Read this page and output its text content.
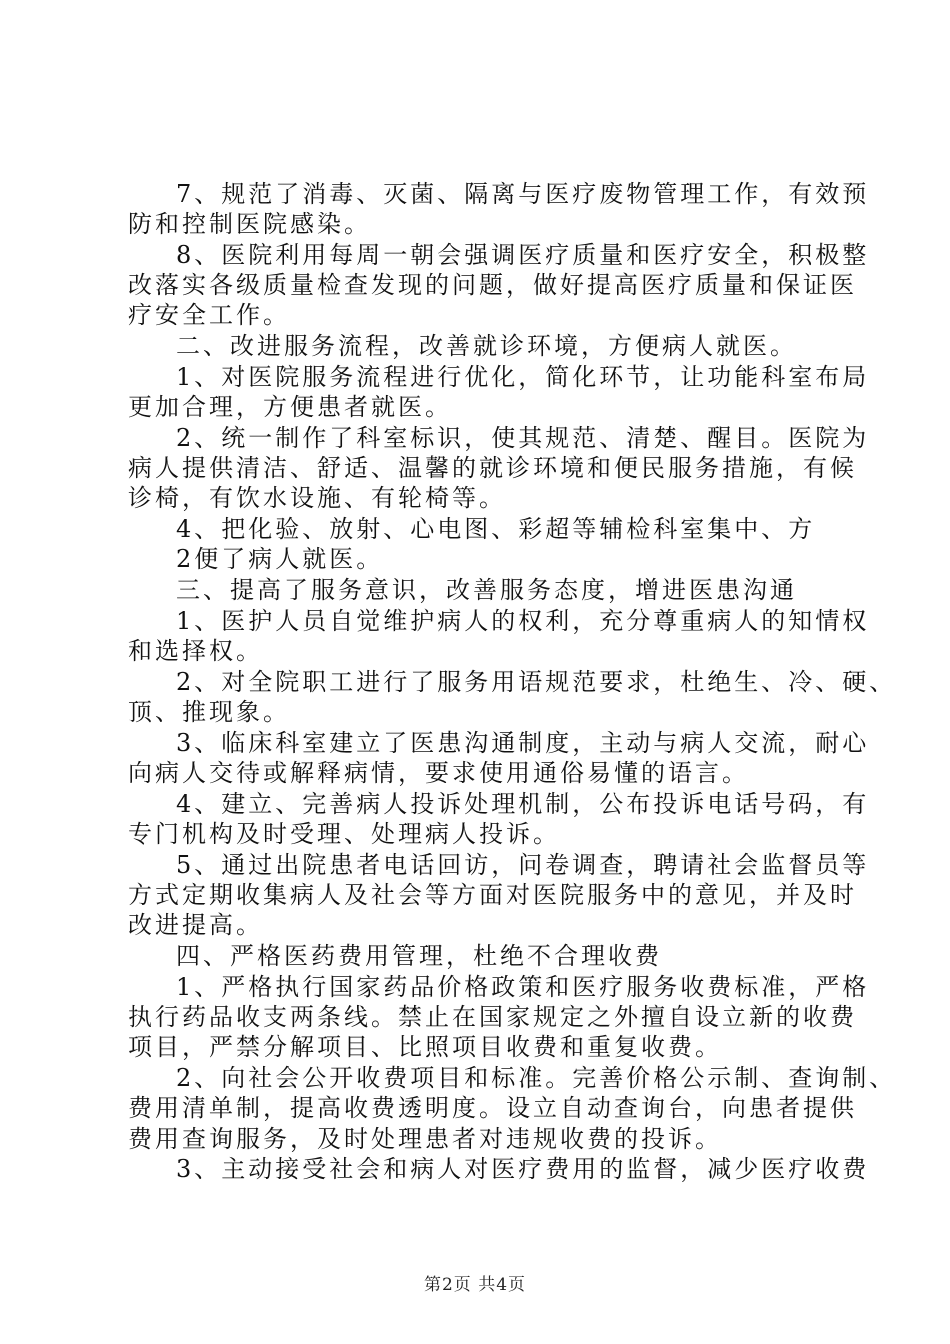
7、规范了消毒、灭菌、隔离与医疗废物管理工作，有效预
防和控制医院感染。
8、医院利用每周一朝会强调医疗质量和医疗安全，积极整
改落实各级质量检查发现的问题，做好提高医疗质量和保证医
疗安全工作。
二、改进服务流程，改善就诊环境，方便病人就医。
1、对医院服务流程进行优化，简化环节，让功能科室布局
更加合理，方便患者就医。
2、统一制作了科室标识，使其规范、清楚、醒目。医院为
病人提供清洁、舒适、温馨的就诊环境和便民服务措施，有候
诊椅，有饮水设施、有轮椅等。
4、把化验、放射、心电图、彩超等辅检科室集中、方
2便了病人就医。
三、提高了服务意识，改善服务态度，增进医患沟通
1、医护人员自觉维护病人的权利，充分尊重病人的知情权
和选择权。
2、对全院职工进行了服务用语规范要求，杜绝生、冷、硬、
顶、推现象。
3、临床科室建立了医患沟通制度，主动与病人交流，耐心
向病人交待或解释病情，要求使用通俗易懂的语言。
4、建立、完善病人投诉处理机制，公布投诉电话号码，有
专门机构及时受理、处理病人投诉。
5、通过出院患者电话回访，问卷调查，聘请社会监督员等
方式定期收集病人及社会等方面对医院服务中的意见，并及时
改进提高。
四、严格医药费用管理，杜绝不合理收费
1、严格执行国家药品价格政策和医疗服务收费标准，严格
执行药品收支两条线。禁止在国家规定之外擅自设立新的收费
项目，严禁分解项目、比照项目收费和重复收费。
2、向社会公开收费项目和标准。完善价格公示制、查询制、
费用清单制，提高收费透明度。设立自动查询台，向患者提供
费用查询服务，及时处理患者对违规收费的投诉。
3、主动接受社会和病人对医疗费用的监督，减少医疗收费
第2页 共4页
